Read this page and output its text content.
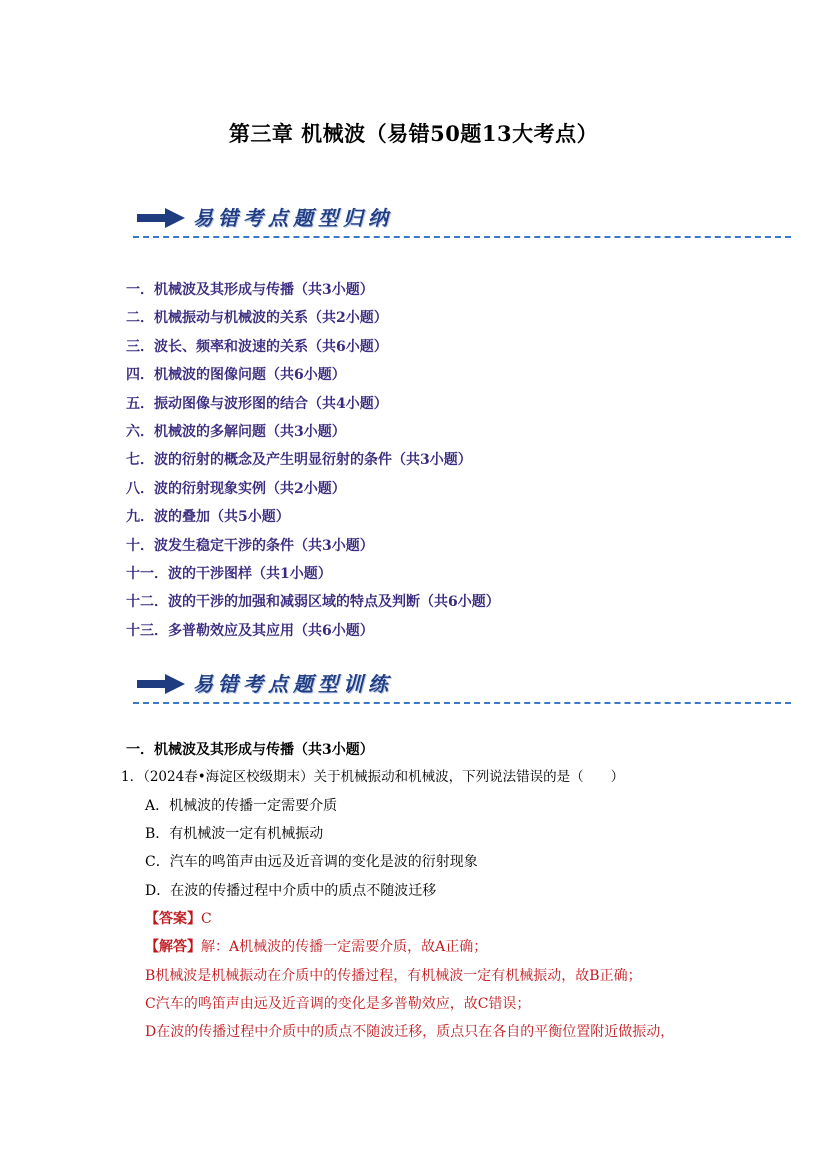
第三章 机械波（易错50题13大考点）
易错考点题型归纳
一．机械波及其形成与传播（共3小题）
二．机械振动与机械波的关系（共2小题）
三．波长、频率和波速的关系（共6小题）
四．机械波的图像问题（共6小题）
五．振动图像与波形图的结合（共4小题）
六．机械波的多解问题（共3小题）
七．波的衍射的概念及产生明显衍射的条件（共3小题）
八．波的衍射现象实例（共2小题）
九．波的叠加（共5小题）
十．波发生稳定干涉的条件（共3小题）
十一．波的干涉图样（共1小题）
十二．波的干涉的加强和减弱区域的特点及判断（共6小题）
十三．多普勒效应及其应用（共6小题）
易错考点题型训练
一．机械波及其形成与传播（共3小题）
1．（2024春•海淀区校级期末）关于机械振动和机械波，下列说法错误的是（　　）
A．机械波的传播一定需要介质
B．有机械波一定有机械振动
C．汽车的鸣笛声由远及近音调的变化是波的衍射现象
D．在波的传播过程中介质中的质点不随波迁移
【答案】C
【解答】解：A机械波的传播一定需要介质，故A正确；
B机械波是机械振动在介质中的传播过程，有机械波一定有机械振动，故B正确；
C汽车的鸣笛声由远及近音调的变化是多普勒效应，故C错误；
D在波的传播过程中介质中的质点不随波迁移，质点只在各自的平衡位置附近做振动，
